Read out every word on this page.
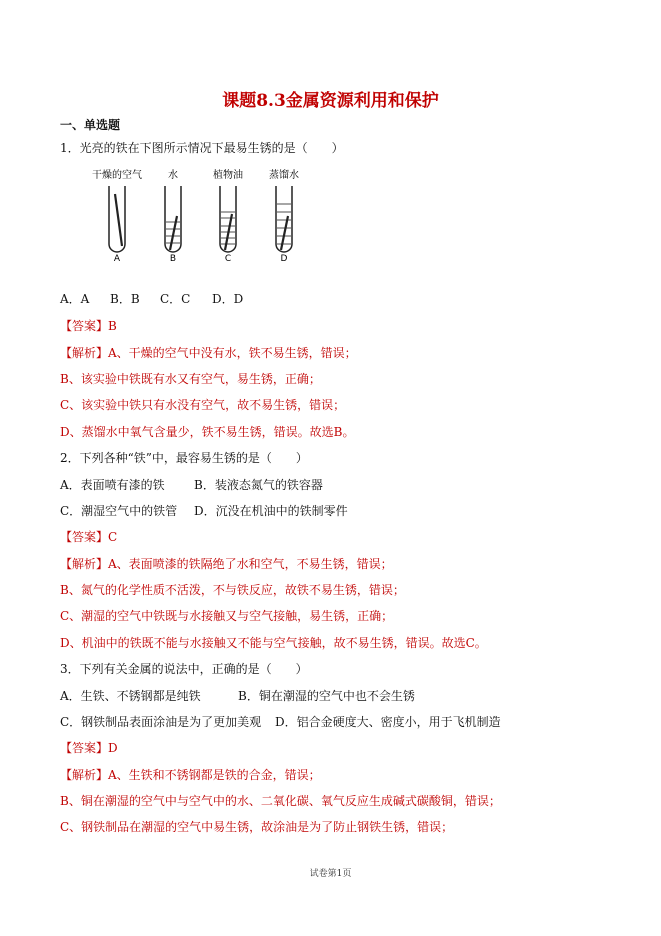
课题8.3金属资源利用和保护
一、单选题
1．光亮的铁在下图所示情况下最易生锈的是（　　）
干燥的空气	水	植物油	蒸馏水
A	B	C	D
A．A B．B C．C D．D
【答案】B
【解析】A、干燥的空气中没有水，铁不易生锈，错误；
B、该实验中铁既有水又有空气，易生锈，正确；
C、该实验中铁只有水没有空气，故不易生锈，错误；
D、蒸馏水中氧气含量少，铁不易生锈，错误。故选B。
2．下列各种“铁”中，最容易生锈的是（　　）
A．表面喷有漆的铁 B．装液态氮气的铁容器
C．潮湿空气中的铁管 D．沉没在机油中的铁制零件
【答案】C
【解析】A、表面喷漆的铁隔绝了水和空气，不易生锈，错误；
B、氮气的化学性质不活泼，不与铁反应，故铁不易生锈，错误；
C、潮湿的空气中铁既与水接触又与空气接触，易生锈，正确；
D、机油中的铁既不能与水接触又不能与空气接触，故不易生锈，错误。故选C。
3．下列有关金属的说法中，正确的是（　　）
A．生铁、不锈钢都是纯铁	B．铜在潮湿的空气中也不会生锈
C．钢铁制品表面涂油是为了更加美观 D．铝合金硬度大、密度小，用于飞机制造
【答案】D
【解析】A、生铁和不锈钢都是铁的合金，错误；
B、铜在潮湿的空气中与空气中的水、二氧化碳、氧气反应生成碱式碳酸铜，错误；
C、钢铁制品在潮湿的空气中易生锈，故涂油是为了防止钢铁生锈，错误；
试卷第1页
